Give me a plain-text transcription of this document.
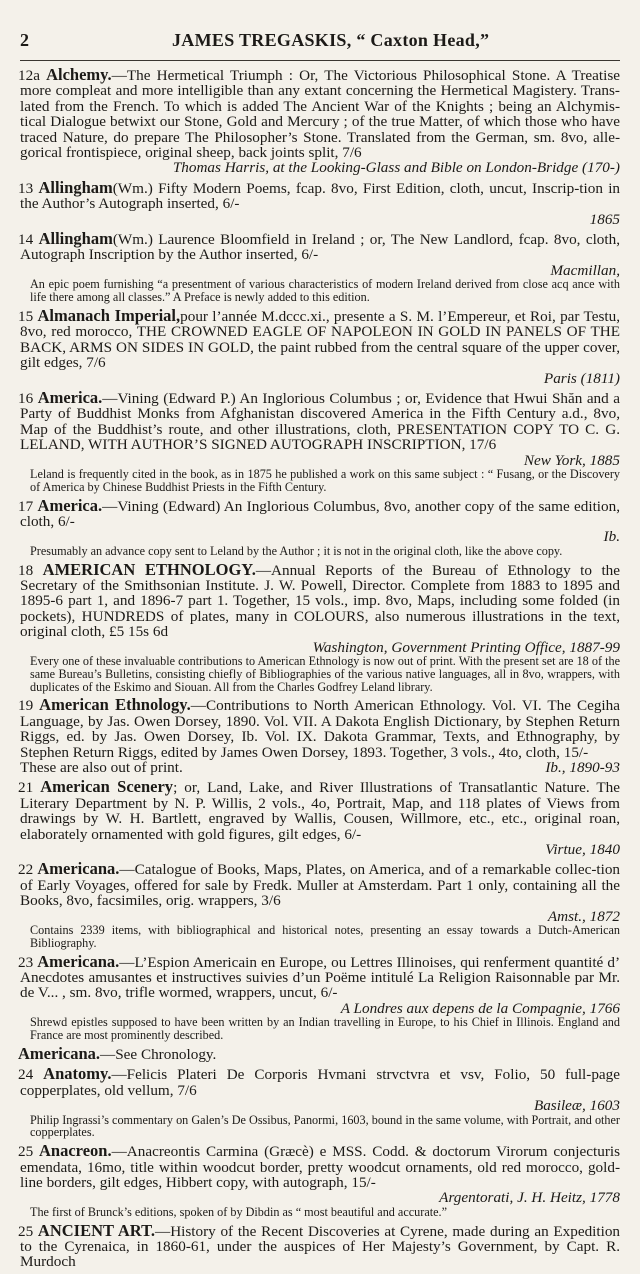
2	JAMES TREGASKIS, “ Caxton Head,”

12a Alchemy.—The Hermetical Triumph : Or, The Victorious Philosophical Stone. A Treatise more compleat and more intelligible than any extant concerning the Hermetical Magistery. Trans-lated from the French. To which is added The Ancient War of the Knights ; being an Alchymis-tical Dialogue betwixt our Stone, Gold and Mercury ; of the true Matter, of which those who have traced Nature, do prepare The Philosopher’s Stone. Translated from the German, sm. 8vo, alle-gorical frontispiece, original sheep, back joints split, 7/6

Thomas Harris, at the Looking-Glass and Bible on London-Bridge (170-)

13 Allingham(Wm.) Fifty Modern Poems, fcap. 8vo, First Edition, cloth, uncut, Inscrip-tion in the Author’s Autograph inserted, 6/-

1865

14 Allingham(Wm.) Laurence Bloomfield in Ireland ; or, The New Landlord, fcap. 8vo, cloth, Autograph Inscription by the Author inserted, 6/-

Macmillan,

An epic poem furnishing “a presentment of various characteristics of modern Ireland derived from close acq ance with life there among all classes.” A Preface is newly added to this edition.

15 Almanach Imperial,pour l’année M.dccc.xi., presente a S. M. l’Empereur, et Roi, par Testu, 8vo, red morocco, THE CROWNED EAGLE OF NAPOLEON IN GOLD IN PANELS OF THE BACK, ARMS ON SIDES IN GOLD, the paint rubbed from the central square of the upper cover, gilt edges, 7/6

Paris (1811)

16 America.—Vining (Edward P.) An Inglorious Columbus ; or, Evidence that Hwui Shăn and a Party of Buddhist Monks from Afghanistan discovered America in the Fifth Century a.d., 8vo, Map of the Buddhist’s route, and other illustrations, cloth, PRESENTATION COPY TO C. G. LELAND, WITH AUTHOR’S SIGNED AUTOGRAPH INSCRIPTION, 17/6

New York, 1885

Leland is frequently cited in the book, as in 1875 he published a work on this same subject : “ Fusang, or the Discovery of America by Chinese Buddhist Priests in the Fifth Century.

17 America.—Vining (Edward) An Inglorious Columbus, 8vo, another copy of the same edition, cloth, 6/-

Ib.

Presumably an advance copy sent to Leland by the Author ; it is not in the original cloth, like the above copy.

18 AMERICAN ETHNOLOGY.—Annual Reports of the Bureau of Ethnology to the Secretary of the Smithsonian Institute. J. W. Powell, Director. Complete from 1883 to 1895 and 1895-6 part 1, and 1896-7 part 1. Together, 15 vols., imp. 8vo, Maps, including some folded (in pockets), HUNDREDS of plates, many in COLOURS, also numerous illustrations in the text, original cloth, £5 15s 6d

Washington, Government Printing Office, 1887-99

Every one of these invaluable contributions to American Ethnology is now out of print. With the present set are 18 of the same Bureau’s Bulletins, consisting chiefly of Bibliographies of the various native languages, all in 8vo, wrappers, with duplicates of the Eskimo and Siouan. All from the Charles Godfrey Leland library.

19 American Ethnology.—Contributions to North American Ethnology. Vol. VI. The Cegiha Language, by Jas. Owen Dorsey, 1890. Vol. VII. A Dakota English Dictionary, by Stephen Return Riggs, ed. by Jas. Owen Dorsey, Ib. Vol. IX. Dakota Grammar, Texts, and Ethnography, by Stephen Return Riggs, edited by James Owen Dorsey, 1893. Together, 3 vols., 4to, cloth, 15/-

These are also out of print.	Ib., 1890-93

21 American Scenery; or, Land, Lake, and River Illustrations of Transatlantic Nature. The Literary Department by N. P. Willis, 2 vols., 4o, Portrait, Map, and 118 plates of Views from drawings by W. H. Bartlett, engraved by Wallis, Cousen, Willmore, etc., etc., original roan, elaborately ornamented with gold figures, gilt edges, 6/-

Virtue, 1840

22 Americana.—Catalogue of Books, Maps, Plates, on America, and of a remarkable collec-tion of Early Voyages, offered for sale by Fredk. Muller at Amsterdam. Part 1 only, containing all the Books, 8vo, facsimiles, orig. wrappers, 3/6

Amst., 1872

Contains 2339 items, with bibliographical and historical notes, presenting an essay towards a Dutch-American Bibliography.

23 Americana.—L’Espion Americain en Europe, ou Lettres Illinoises, qui renferment quantité d’ Anecdotes amusantes et instructives suivies d’un Poëme intitulé La Religion Raisonnable par Mr. de V... , sm. 8vo, trifle wormed, wrappers, uncut, 6/-

A Londres aux depens de la Compagnie, 1766

Shrewd epistles supposed to have been written by an Indian travelling in Europe, to his Chief in Illinois. England and France are most prominently described.

Americana.—See Chronology.

24 Anatomy.—Felicis Plateri De Corporis Hvmani strvctvra et vsv, Folio, 50 full-page copperplates, old vellum, 7/6

Basileæ, 1603

Philip Ingrassi’s commentary on Galen’s De Ossibus, Panormi, 1603, bound in the same volume, with Portrait, and other copperplates.

25 Anacreon.—Anacreontis Carmina (Græcè) e MSS. Codd. & doctorum Virorum conjecturis emendata, 16mo, title within woodcut border, pretty woodcut ornaments, old red morocco, gold-line borders, gilt edges, Hibbert copy, with autograph, 15/-

Argentorati, J. H. Heitz, 1778

The first of Brunck’s editions, spoken of by Dibdin as “ most beautiful and accurate.”

25 ANCIENT ART.—History of the Recent Discoveries at Cyrene, made during an Expedition to the Cyrenaica, in 1860-61, under the auspices of Her Majesty’s Government, by Capt. R. Murdoch
